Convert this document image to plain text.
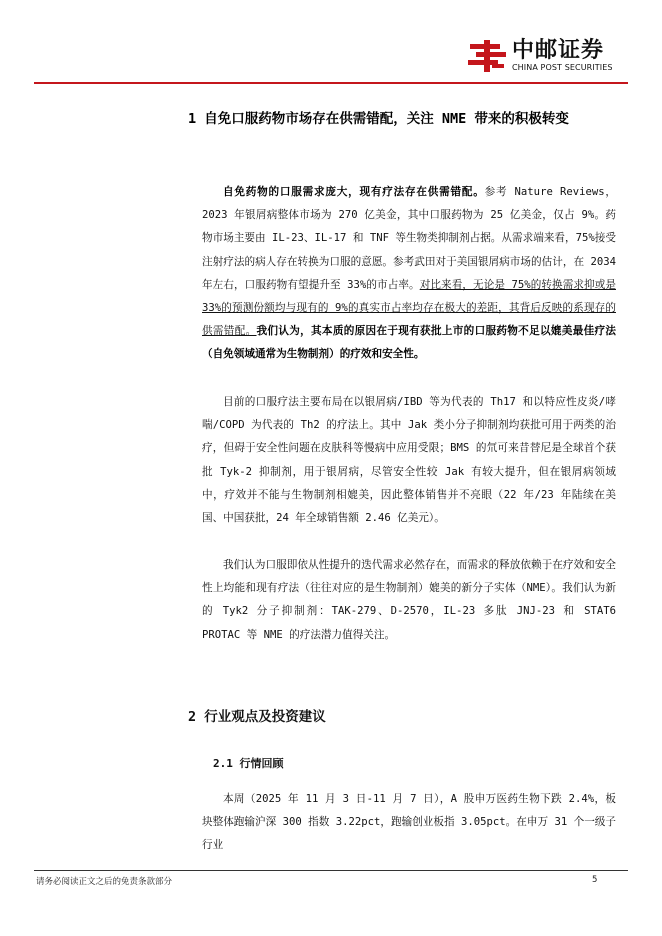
中邮证券
CHINA POST SECURITIES
1 自免口服药物市场存在供需错配，关注 NME 带来的积极转变

自免药物的口服需求庞大，现有疗法存在供需错配。参考 Nature Reviews，2023 年银屑病整体市场为 270 亿美金，其中口服药物为 25 亿美金，仅占 9%。药物市场主要由 IL-23、IL-17 和 TNF 等生物类抑制剂占据。从需求端来看，75%接受注射疗法的病人存在转换为口服的意愿。参考武田对于美国银屑病市场的估计，在 2034 年左右，口服药物有望提升至 33%的市占率。对比来看，无论是 75%的转换需求抑或是 33%的预测份额均与现有的 9%的真实市占率均存在极大的差距，其背后反映的系现存的供需错配。我们认为，其本质的原因在于现有获批上市的口服药物不足以媲美最佳疗法（自免领域通常为生物制剂）的疗效和安全性。

目前的口服疗法主要布局在以银屑病/IBD 等为代表的 Th17 和以特应性皮炎/哮喘/COPD 为代表的 Th2 的疗法上。其中 Jak 类小分子抑制剂均获批可用于两类的治疗，但碍于安全性问题在皮肤科等慢病中应用受限；BMS 的氘可来昔替尼是全球首个获批 Tyk-2 抑制剂，用于银屑病，尽管安全性较 Jak 有较大提升，但在银屑病领域中，疗效并不能与生物制剂相媲美，因此整体销售并不亮眼（22 年/23 年陆续在美国、中国获批，24 年全球销售额 2.46 亿美元）。

我们认为口服即依从性提升的迭代需求必然存在，而需求的释放依赖于在疗效和安全性上均能和现有疗法（往往对应的是生物制剂）媲美的新分子实体（NME）。我们认为新的 Tyk2 分子抑制剂：TAK-279、D-2570，IL-23 多肽 JNJ-23 和 STAT6 PROTAC 等 NME 的疗法潜力值得关注。

2 行业观点及投资建议
2.1 行情回顾

本周（2025 年 11 月 3 日-11 月 7 日），A 股申万医药生物下跌 2.4%，板块整体跑输沪深 300 指数 3.22pct，跑输创业板指 3.05pct。在申万 31 个一级子行业

请务必阅读正文之后的免责条款部分	5
